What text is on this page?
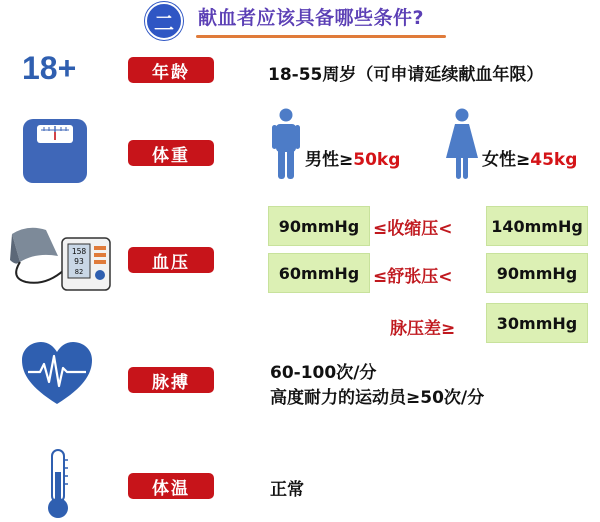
二	献血者应该具备哪些条件?
18+	年龄	18-55周岁（可申请延续献血年限）
体重	男性≥50kg	女性≥45kg
158
93
82	血压
90mmHg ≤收缩压<	140mmHg
60mmHg ≤舒张压<	90mmHg
脉压差≥	30mmHg
脉搏	60-100次/分
高度耐力的运动员≥50次/分
体温	正常
